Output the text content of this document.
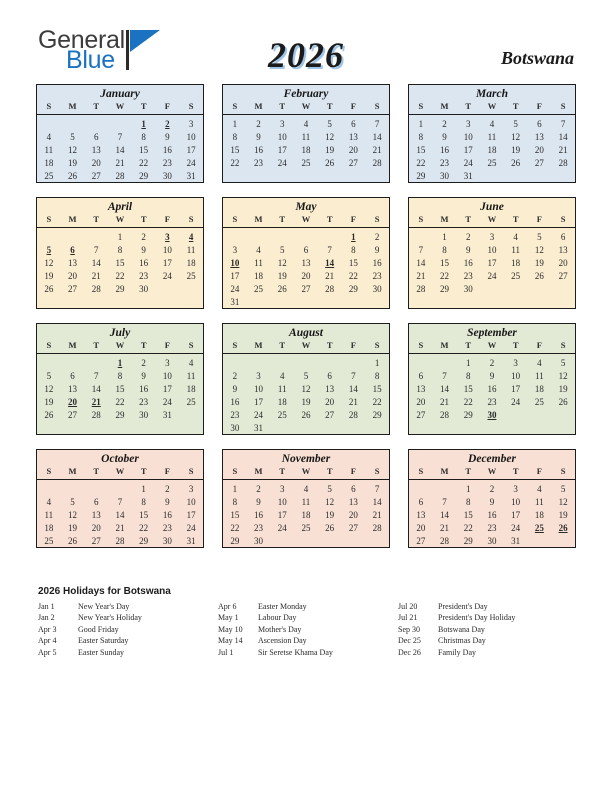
General
Blue	2026	Botswana
January
S	M	T	W	T	F	S
				1	2	3
4	5	6	7	8	9	10
11	12	13	14	15	16	17
18	19	20	21	22	23	24
25	26	27	28	29	30	31
February
S	M	T	W	T	F	S
1	2	3	4	5	6	7
8	9	10	11	12	13	14
15	16	17	18	19	20	21
22	23	24	25	26	27	28

March
S	M	T	W	T	F	S
1	2	3	4	5	6	7
8	9	10	11	12	13	14
15	16	17	18	19	20	21
22	23	24	25	26	27	28
29	30	31				
April
S	M	T	W	T	F	S
			1	2	3	4
5	6	7	8	9	10	11
12	13	14	15	16	17	18
19	20	21	22	23	24	25
26	27	28	29	30		
May
S	M	T	W	T	F	S
					1	2
3	4	5	6	7	8	9
10	11	12	13	14	15	16
17	18	19	20	21	22	23
24	25	26	27	28	29	30
31						
June
S	M	T	W	T	F	S
	1	2	3	4	5	6
7	8	9	10	11	12	13
14	15	16	17	18	19	20
21	22	23	24	25	26	27
28	29	30				
July
S	M	T	W	T	F	S
			1	2	3	4
5	6	7	8	9	10	11
12	13	14	15	16	17	18
19	20	21	22	23	24	25
26	27	28	29	30	31	
August
S	M	T	W	T	F	S
						1
2	3	4	5	6	7	8
9	10	11	12	13	14	15
16	17	18	19	20	21	22
23	24	25	26	27	28	29
30	31					
September
S	M	T	W	T	F	S
		1	2	3	4	5
6	7	8	9	10	11	12
13	14	15	16	17	18	19
20	21	22	23	24	25	26
27	28	29	30			
October
S	M	T	W	T	F	S
				1	2	3
4	5	6	7	8	9	10
11	12	13	14	15	16	17
18	19	20	21	22	23	24
25	26	27	28	29	30	31
November
S	M	T	W	T	F	S
1	2	3	4	5	6	7
8	9	10	11	12	13	14
15	16	17	18	19	20	21
22	23	24	25	26	27	28
29	30					
December
S	M	T	W	T	F	S
		1	2	3	4	5
6	7	8	9	10	11	12
13	14	15	16	17	18	19
20	21	22	23	24	25	26
27	28	29	30	31		
2026 Holidays for Botswana
Jan 1	New Year's Day
Jan 2	New Year's Holiday
Apr 3	Good Friday
Apr 4	Easter Saturday
Apr 5	Easter Sunday
Apr 6	Easter Monday
May 1	Labour Day
May 10	Mother's Day
May 14	Ascension Day
Jul 1	Sir Seretse Khama Day
Jul 20	President's Day
Jul 21	President's Day Holiday
Sep 30	Botswana Day
Dec 25	Christmas Day
Dec 26	Family Day
